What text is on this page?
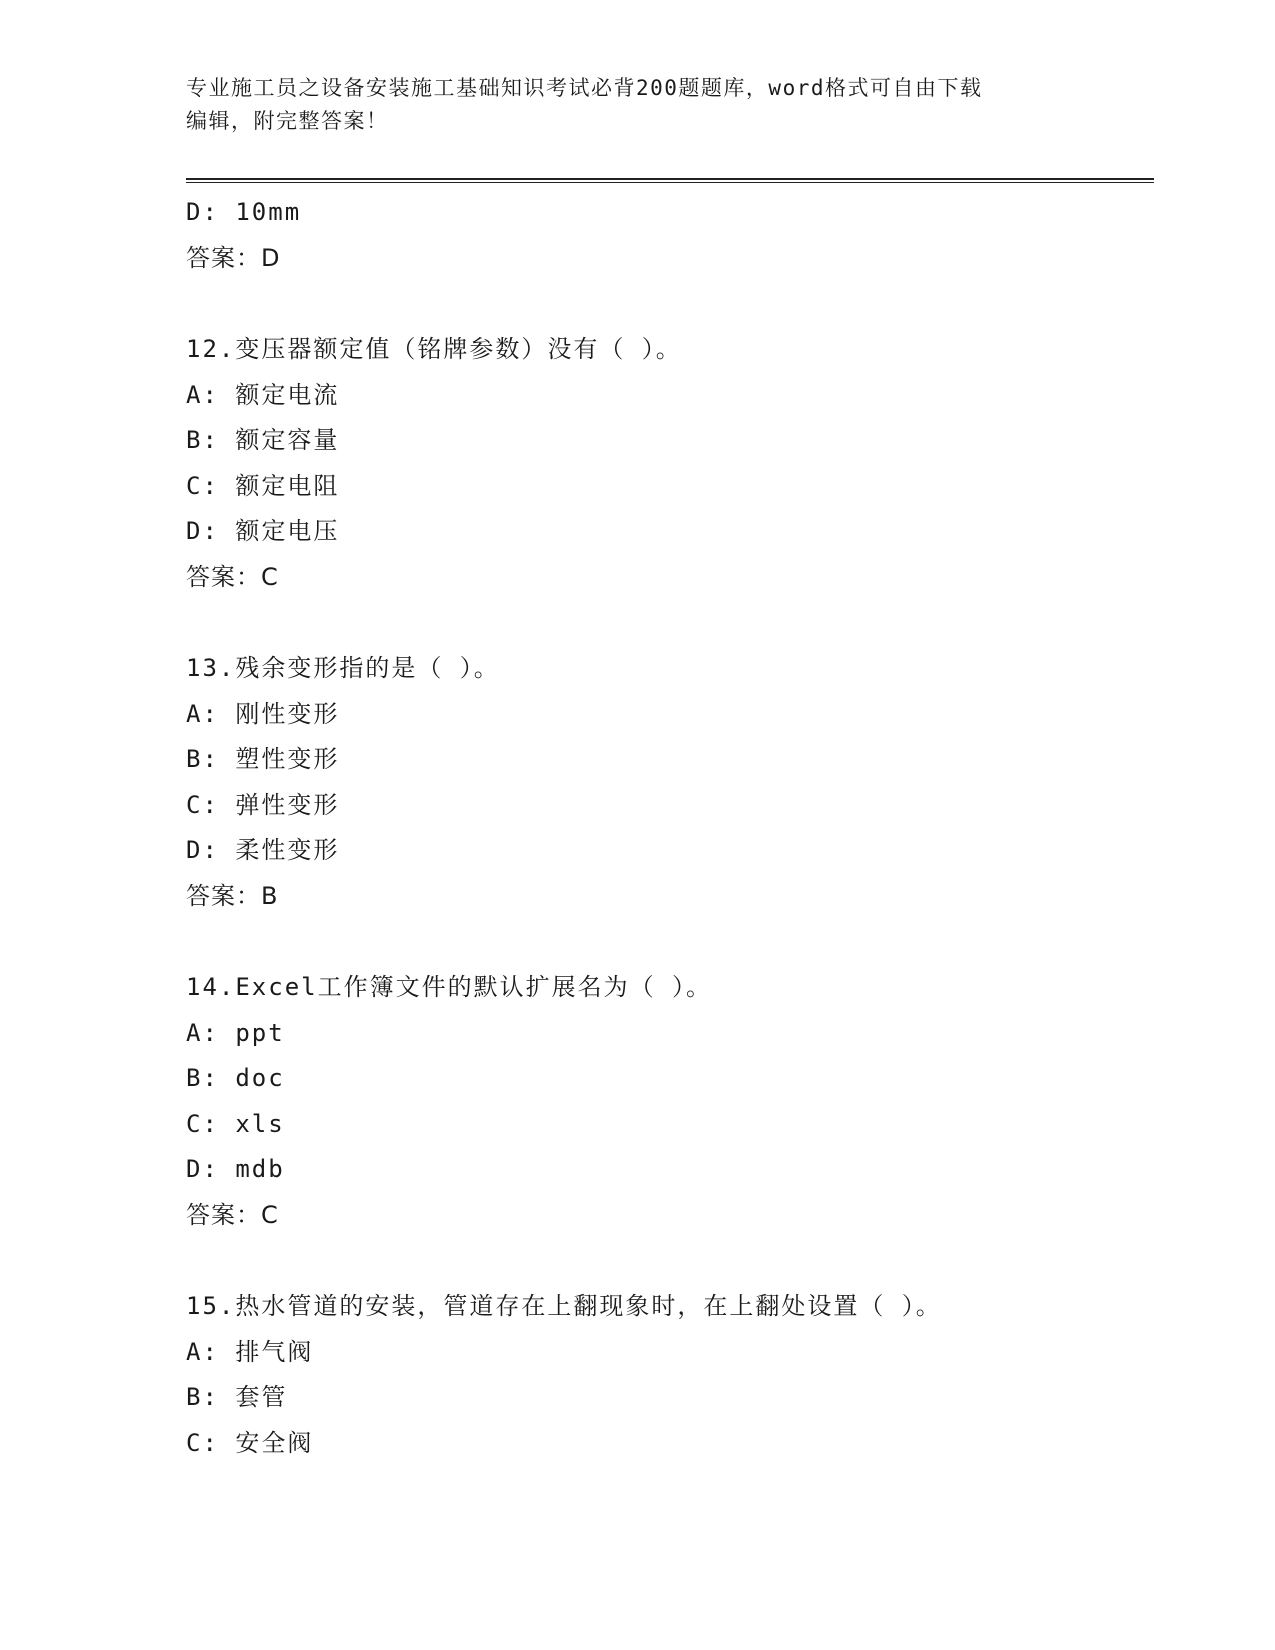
专业施工员之设备安装施工基础知识考试必背200题题库，word格式可自由下载
编辑，附完整答案！
D: 10mm
答案：D
12.变压器额定值（铭牌参数）没有（ ）。
A: 额定电流
B: 额定容量
C: 额定电阻
D: 额定电压
答案：C
13.残余变形指的是（ ）。
A: 刚性变形
B: 塑性变形
C: 弹性变形
D: 柔性变形
答案：B
14.Excel工作簿文件的默认扩展名为（ ）。
A: ppt
B: doc
C: xls
D: mdb
答案：C
15.热水管道的安装，管道存在上翻现象时，在上翻处设置（ ）。
A: 排气阀
B: 套管
C: 安全阀
